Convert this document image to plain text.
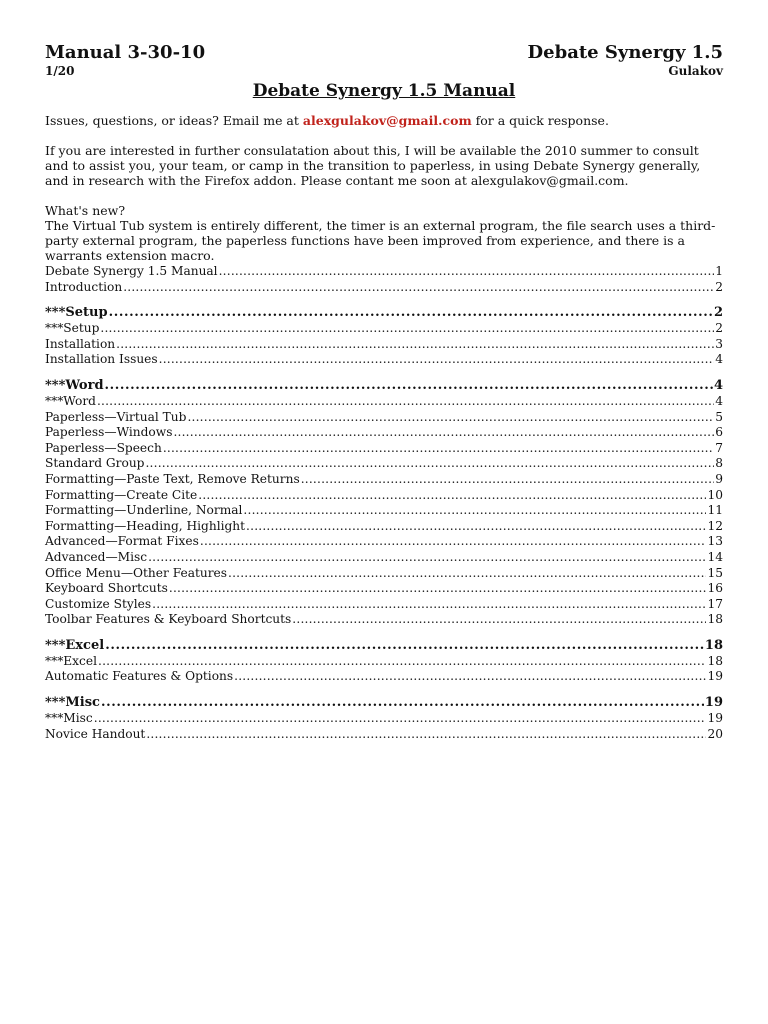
Manual 3-30-10	Debate Synergy 1.5
1/20	Gulakov
Debate Synergy 1.5 Manual

Issues, questions, or ideas? Email me at alexgulakov@gmail.com for a quick response.

If you are interested in further consulatation about this, I will be available the 2010 summer to consult and to assist you, your team, or camp in the transition to paperless, in using Debate Synergy generally, and in research with the Firefox addon. Please contant me soon at alexgulakov@gmail.com.

What's new?

The Virtual Tub system is entirely different, the timer is an external program, the file search uses a third-party external program, the paperless functions have been improved from experience, and there is a warrants extension macro.

Debate Synergy 1.5 Manual .....	1
Introduction .....	2
***Setup .....	2
***Setup .....	2
Installation .....	3
Installation Issues .....	4
***Word .....	4
***Word .....	4
Paperless—Virtual Tub .....	5
Paperless—Windows .....	6
Paperless—Speech .....	7
Standard Group .....	8
Formatting—Paste Text, Remove Returns .....	9
Formatting—Create Cite .....	10
Formatting—Underline, Normal .....	11
Formatting—Heading, Highlight .....	12
Advanced—Format Fixes .....	13
Advanced—Misc .....	14
Office Menu—Other Features .....	15
Keyboard Shortcuts .....	16
Customize Styles .....	17
Toolbar Features & Keyboard Shortcuts .....	18
***Excel .....	18
***Excel .....	18
Automatic Features & Options .....	19
***Misc .....	19
***Misc .....	19
Novice Handout .....	20
